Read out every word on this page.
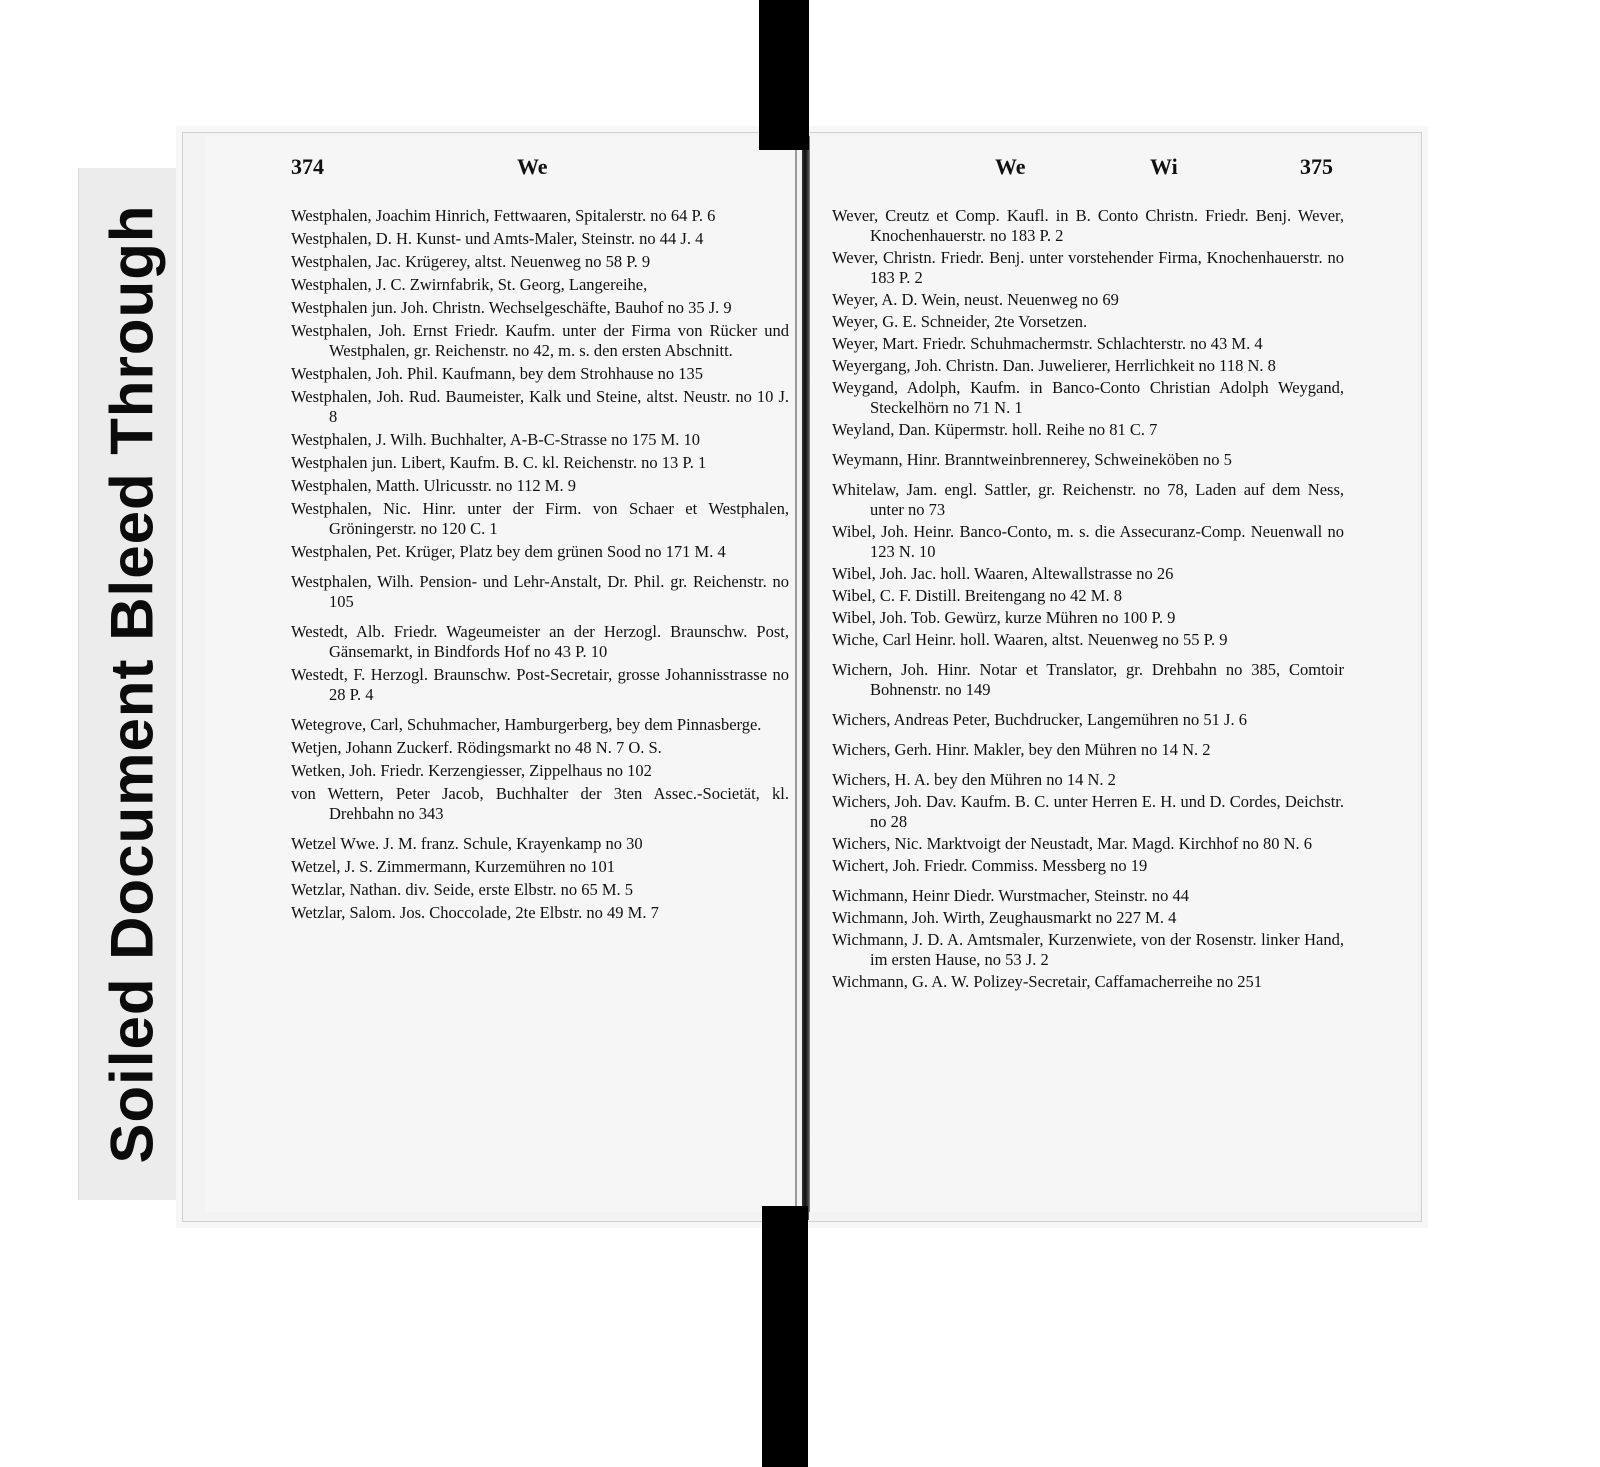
Soiled Document Bleed Through
374	We
Westphalen, Joachim Hinrich, Fettwaaren, Spitalerstr. no 64 P. 6
Westphalen, D. H. Kunst- und Amts-Maler, Steinstr. no 44 J. 4
Westphalen, Jac. Krügerey, altst. Neuenweg no 58 P. 9
Westphalen, J. C. Zwirnfabrik, St. Georg, Langereihe,
Westphalen jun. Joh. Christn. Wechselgeschäfte, Bauhof no 35 J. 9
Westphalen, Joh. Ernst Friedr. Kaufm. unter der Firma von Rücker und Westphalen, gr. Reichenstr. no 42, m. s. den ersten Abschnitt.
Westphalen, Joh. Phil. Kaufmann, bey dem Strohhause no 135
Westphalen, Joh. Rud. Baumeister, Kalk und Steine, altst. Neustr. no 10 J. 8
Westphalen, J. Wilh. Buchhalter, A-B-C-Strasse no 175 M. 10
Westphalen jun. Libert, Kaufm. B. C. kl. Reichenstr. no 13 P. 1
Westphalen, Matth. Ulricusstr. no 112 M. 9
Westphalen, Nic. Hinr. unter der Firm. von Schaer et Westphalen, Gröningerstr. no 120 C. 1
Westphalen, Pet. Krüger, Platz bey dem grünen Sood no 171 M. 4
Westphalen, Wilh. Pension- und Lehr-Anstalt, Dr. Phil. gr. Reichenstr. no 105
Westedt, Alb. Friedr. Wageumeister an der Herzogl. Braunschw. Post, Gänsemarkt, in Bindfords Hof no 43 P. 10
Westedt, F. Herzogl. Braunschw. Post-Secretair, grosse Johannisstrasse no 28 P. 4
Wetegrove, Carl, Schuhmacher, Hamburgerberg, bey dem Pinnasberge.
Wetjen, Johann Zuckerf. Rödingsmarkt no 48 N. 7 O. S.
Wetken, Joh. Friedr. Kerzengiesser, Zippelhaus no 102
von Wettern, Peter Jacob, Buchhalter der 3ten Assec.-Societät, kl. Drehbahn no 343
Wetzel Wwe. J. M. franz. Schule, Krayenkamp no 30
Wetzel, J. S. Zimmermann, Kurzemühren no 101
Wetzlar, Nathan. div. Seide, erste Elbstr. no 65 M. 5
Wetzlar, Salom. Jos. Choccolade, 2te Elbstr. no 49 M. 7
We	Wi	375
Wever, Creutz et Comp. Kaufl. in B. Conto Christn. Friedr. Benj. Wever, Knochenhauerstr. no 183 P. 2
Wever, Christn. Friedr. Benj. unter vorstehender Firma, Knochenhauerstr. no 183 P. 2
Weyer, A. D. Wein, neust. Neuenweg no 69
Weyer, G. E. Schneider, 2te Vorsetzen.
Weyer, Mart. Friedr. Schuhmachermstr. Schlachterstr. no 43 M. 4
Weyergang, Joh. Christn. Dan. Juwelierer, Herrlichkeit no 118 N. 8
Weygand, Adolph, Kaufm. in Banco-Conto Christian Adolph Weygand, Steckelhörn no 71 N. 1
Weyland, Dan. Küpermstr. holl. Reihe no 81 C. 7
Weymann, Hinr. Branntweinbrennerey, Schweineköben no 5
Whitelaw, Jam. engl. Sattler, gr. Reichenstr. no 78, Laden auf dem Ness, unter no 73
Wibel, Joh. Heinr. Banco-Conto, m. s. die Assecuranz-Comp. Neuenwall no 123 N. 10
Wibel, Joh. Jac. holl. Waaren, Altewallstrasse no 26
Wibel, C. F. Distill. Breitengang no 42 M. 8
Wibel, Joh. Tob. Gewürz, kurze Mühren no 100 P. 9
Wiche, Carl Heinr. holl. Waaren, altst. Neuenweg no 55 P. 9
Wichern, Joh. Hinr. Notar et Translator, gr. Drehbahn no 385, Comtoir Bohnenstr. no 149
Wichers, Andreas Peter, Buchdrucker, Langemühren no 51 J. 6
Wichers, Gerh. Hinr. Makler, bey den Mühren no 14 N. 2
Wichers, H. A. bey den Mühren no 14 N. 2
Wichers, Joh. Dav. Kaufm. B. C. unter Herren E. H. und D. Cordes, Deichstr. no 28
Wichers, Nic. Marktvoigt der Neustadt, Mar. Magd. Kirchhof no 80 N. 6
Wichert, Joh. Friedr. Commiss. Messberg no 19
Wichmann, Heinr Diedr. Wurstmacher, Steinstr. no 44
Wichmann, Joh. Wirth, Zeughausmarkt no 227 M. 4
Wichmann, J. D. A. Amtsmaler, Kurzenwiete, von der Rosenstr. linker Hand, im ersten Hause, no 53 J. 2
Wichmann, G. A. W. Polizey-Secretair, Caffamacherreihe no 251
